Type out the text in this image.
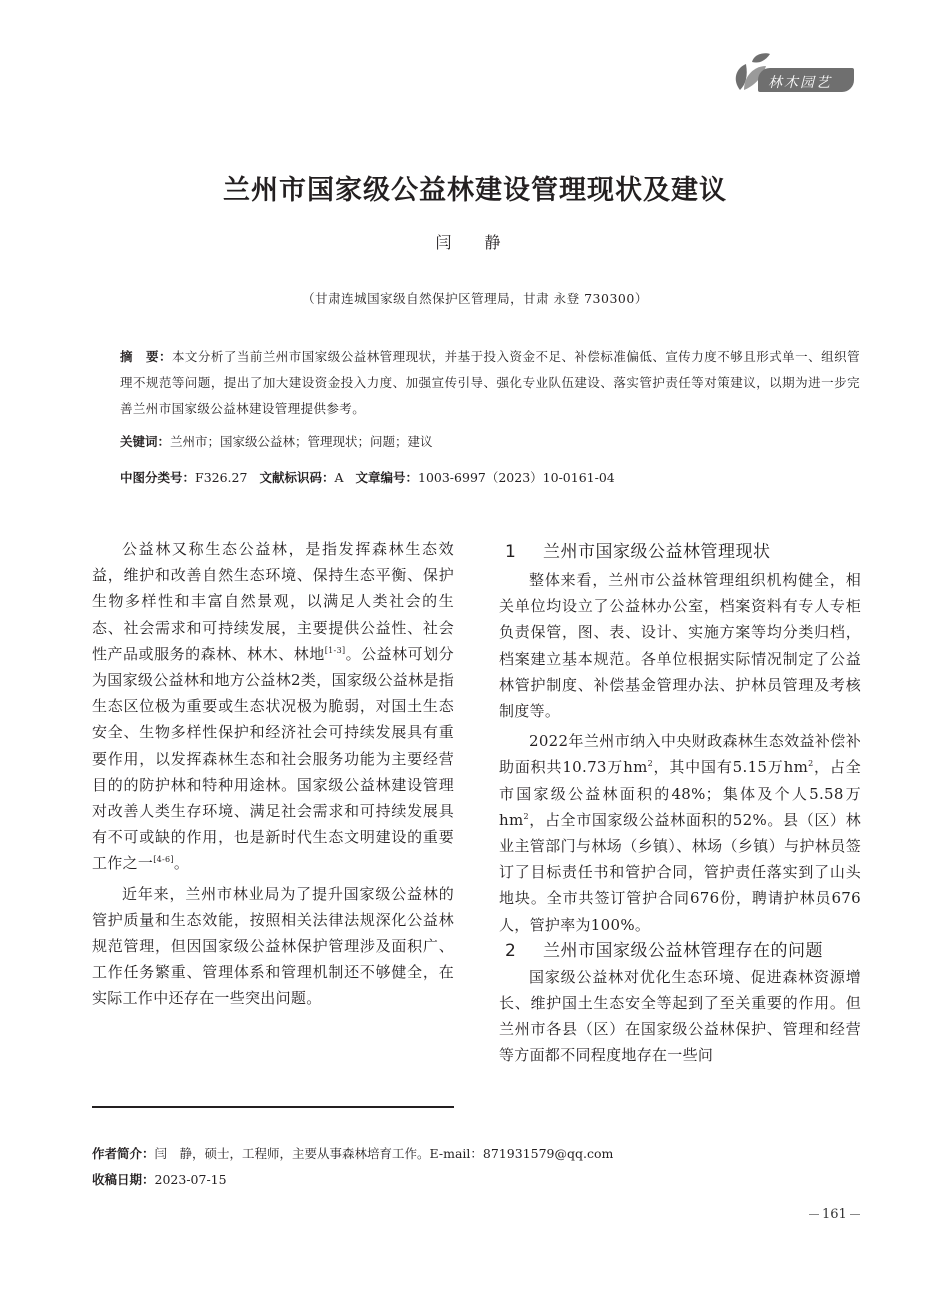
林木园艺
兰州市国家级公益林建设管理现状及建议
闫 静
（甘肃连城国家级自然保护区管理局，甘肃 永登 730300）
摘　要：本文分析了当前兰州市国家级公益林管理现状，并基于投入资金不足、补偿标准偏低、宣传力度不够且形式单一、组织管理不规范等问题，提出了加大建设资金投入力度、加强宣传引导、强化专业队伍建设、落实管护责任等对策建议，以期为进一步完善兰州市国家级公益林建设管理提供参考。
关键词：兰州市；国家级公益林；管理现状；问题；建议
中图分类号：F326.27 文献标识码：A 文章编号：1003-6997（2023）10-0161-04

公益林又称生态公益林，是指发挥森林生态效益，维护和改善自然生态环境、保持生态平衡、保护生物多样性和丰富自然景观，以满足人类社会的生态、社会需求和可持续发展，主要提供公益性、社会性产品或服务的森林、林木、林地[1-3]。公益林可划分为国家级公益林和地方公益林2类，国家级公益林是指生态区位极为重要或生态状况极为脆弱，对国土生态安全、生物多样性保护和经济社会可持续发展具有重要作用，以发挥森林生态和社会服务功能为主要经营目的的防护林和特种用途林。国家级公益林建设管理对改善人类生存环境、满足社会需求和可持续发展具有不可或缺的作用，也是新时代生态文明建设的重要工作之一[4-6]。

近年来，兰州市林业局为了提升国家级公益林的管护质量和生态效能，按照相关法律法规深化公益林规范管理，但因国家级公益林保护管理涉及面积广、工作任务繁重、管理体系和管理机制还不够健全，在实际工作中还存在一些突出问题。

1 兰州市国家级公益林管理现状

整体来看，兰州市公益林管理组织机构健全，相关单位均设立了公益林办公室，档案资料有专人专柜负责保管，图、表、设计、实施方案等均分类归档，档案建立基本规范。各单位根据实际情况制定了公益林管护制度、补偿基金管理办法、护林员管理及考核制度等。

2022年兰州市纳入中央财政森林生态效益补偿补助面积共10.73万$hm^2$，其中国有5.15万$hm^2$，占全市国家级公益林面积的48%；集体及个人5.58万$hm^2$，占全市国家级公益林面积的52%。县（区）林业主管部门与林场（乡镇）、林场（乡镇）与护林员签订了目标责任书和管护合同，管护责任落实到了山头地块。全市共签订管护合同676份，聘请护林员676人，管护率为100%。

2 兰州市国家级公益林管理存在的问题

国家级公益林对优化生态环境、促进森林资源增长、维护国土生态安全等起到了至关重要的作用。但兰州市各县（区）在国家级公益林保护、管理和经营等方面都不同程度地存在一些问

作者简介：闫　静，硕士，工程师，主要从事森林培育工作。E-mail：871931579@qq.com
收稿日期：2023-07-15
161
